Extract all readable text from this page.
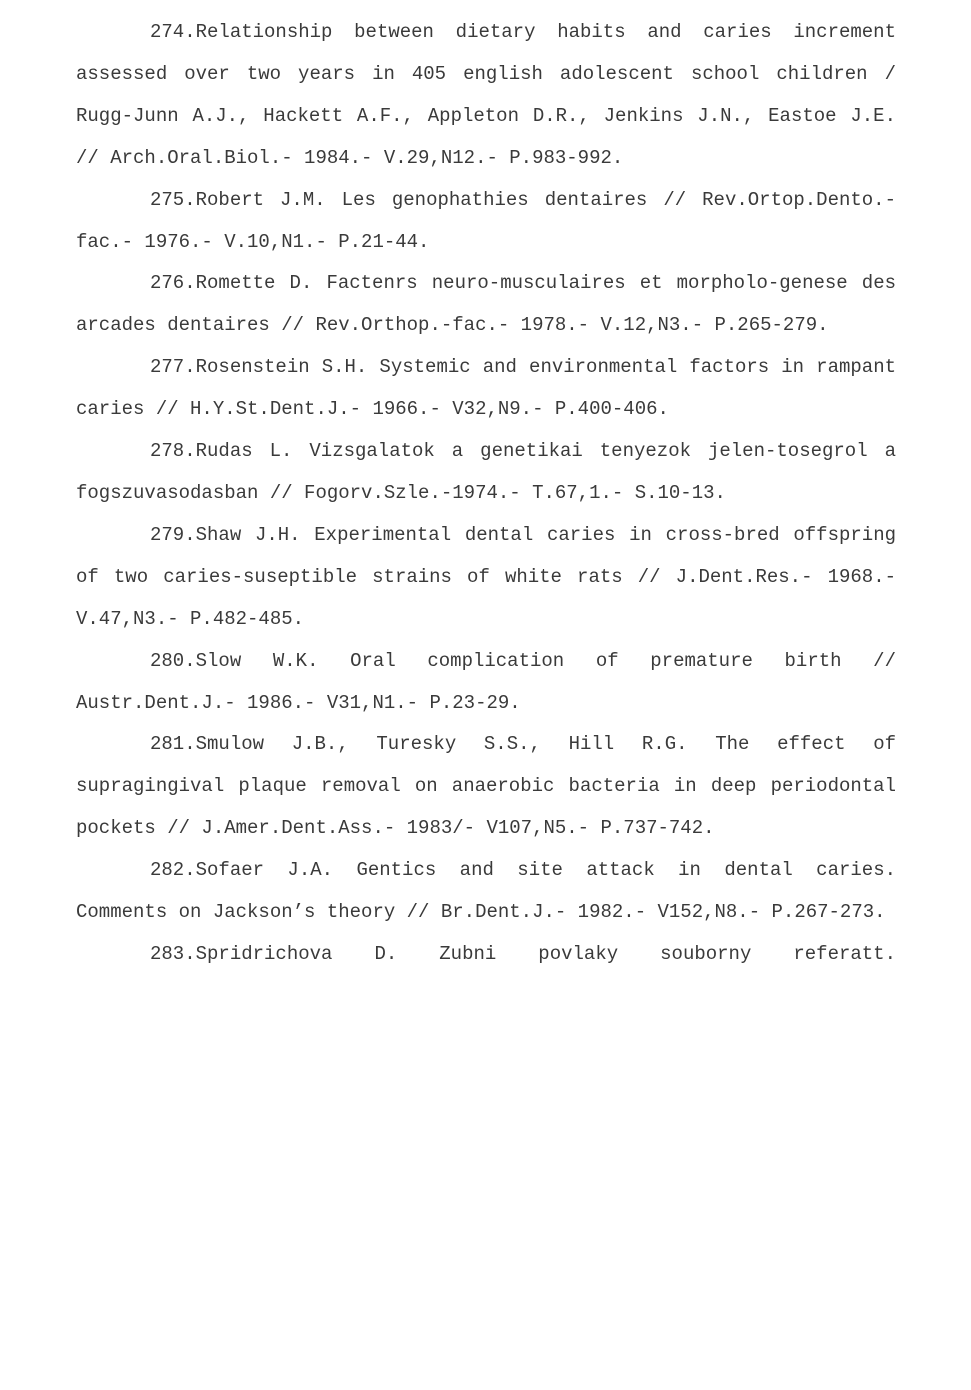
274.Relationship between dietary habits and caries increment assessed over two years in 405 english adolescent school children / Rugg-Junn A.J., Hackett A.F., Appleton D.R., Jenkins J.N., Eastoe J.E. // Arch.Oral.Biol.- 1984.- V.29,N12.- P.983-992.

275.Robert J.M. Les genophathies dentaires // Rev.Ortop.Dento.-fac.- 1976.- V.10,N1.- P.21-44.

276.Romette D. Factenrs neuro-musculaires et morpholo-genese des arcades dentaires // Rev.Orthop.-fac.- 1978.- V.12,N3.- P.265-279.

277.Rosenstein S.H. Systemic and environmental factors in rampant caries // H.Y.St.Dent.J.- 1966.- V32,N9.- P.400-406.

278.Rudas L. Vizsgalatok a genetikai tenyezok jelen-tosegrol a fogszuvasodasban // Fogorv.Szle.-1974.- T.67,1.- S.10-13.

279.Shaw J.H. Experimental dental caries in cross-bred offspring of two caries-suseptible strains of white rats // J.Dent.Res.- 1968.- V.47,N3.- P.482-485.

280.Slow W.K. Oral complication of premature birth // Austr.Dent.J.- 1986.- V31,N1.- P.23-29.

281.Smulow J.B., Turesky S.S., Hill R.G. The effect of supragingival plaque removal on anaerobic bacteria in deep periodontal pockets // J.Amer.Dent.Ass.- 1983/- V107,N5.- P.737-742.

282.Sofaer J.A. Gentics and site attack in dental caries. Comments on Jackson’s theory // Br.Dent.J.- 1982.- V152,N8.- P.267-273.

283.Spridrichova D. Zubni povlaky souborny referatt.
